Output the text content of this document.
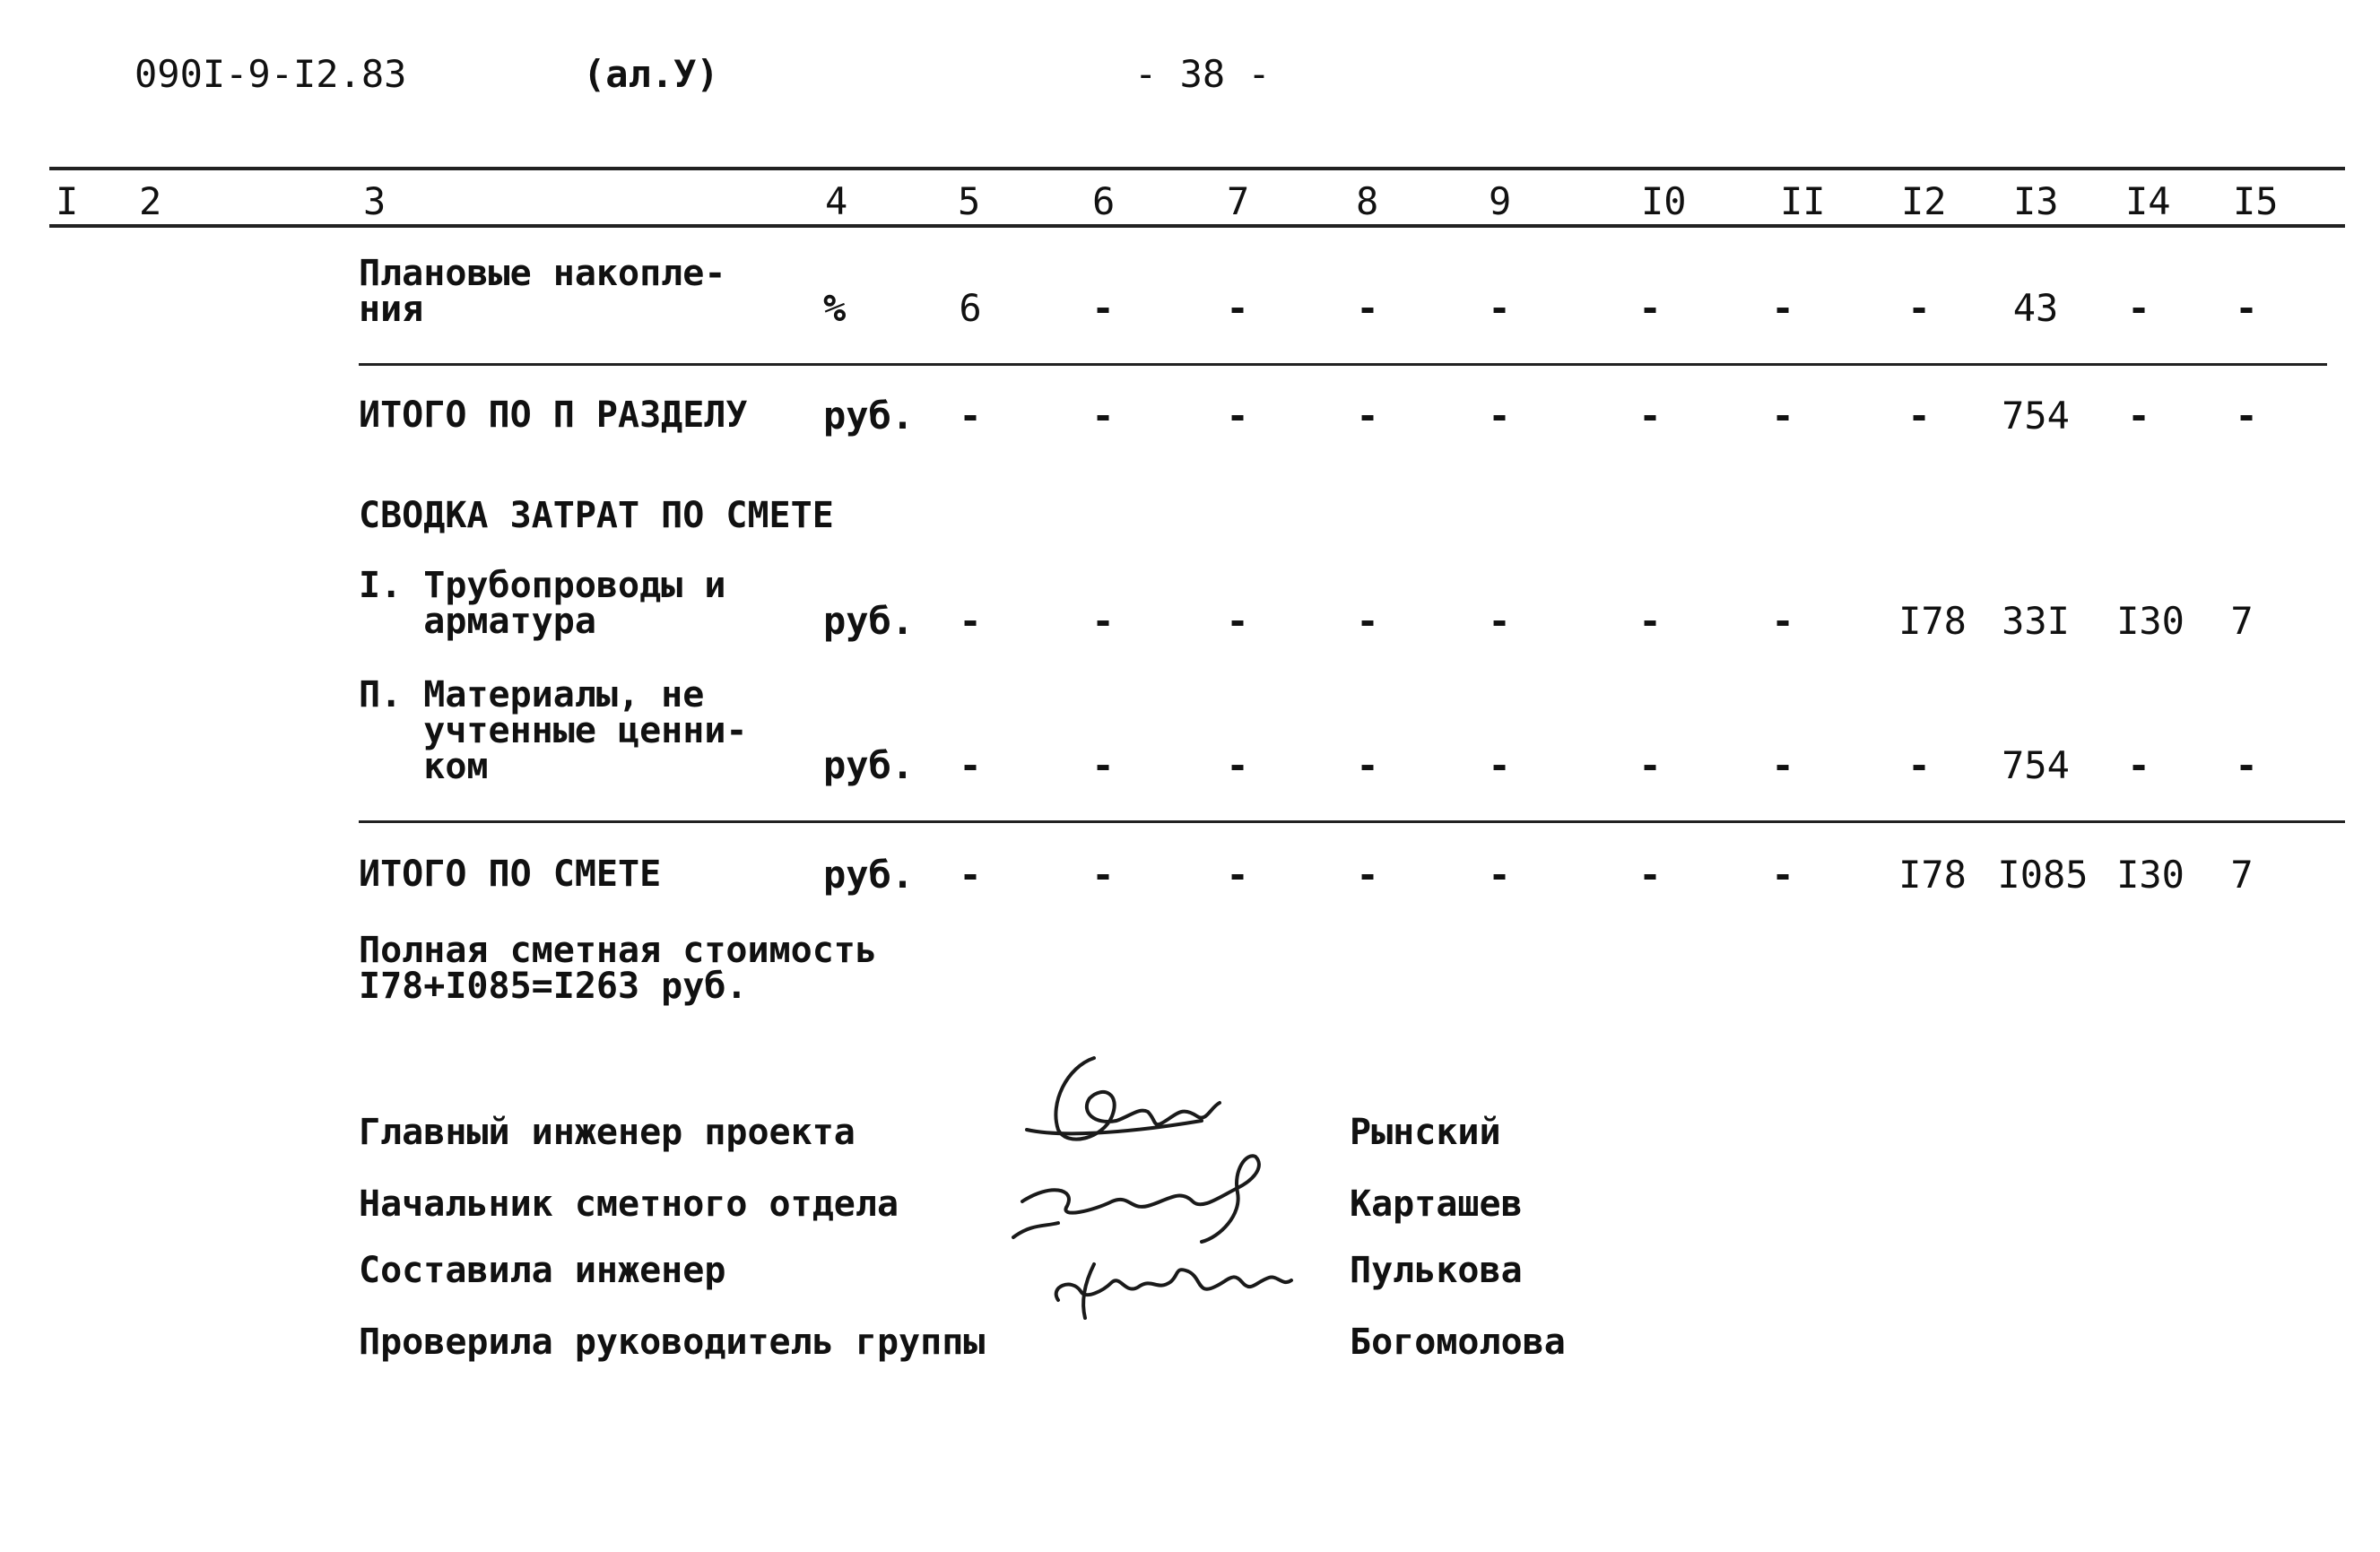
090I-9-I2.83	(ал.У)	- 38 -
I 2	3	4	5	6	7	8	9	I0 II I2 I3 I4 I5
Плановые накопле-
ния	%	6	-	-	-	-	-	-	-	43	-	-
ИТОГО ПО П РАЗДЕЛУ руб.	-	-	-	-	-	-	-	-	754	-	-
СВОДКА ЗАТРАТ ПО СМЕТЕ
I. Трубопроводы и
арматура	руб.	-	-	-	-	-	-	-	I78 33I	I30	7
П. Материалы, не
учтенные ценни-
ком	руб.	-	-	-	-	-	-	-	-	754	-	-
ИТОГО ПО СМЕТЕ	руб.	-	-	-	-	-	-	-	I78 I085 I30	7
Полная сметная стоимость
I78+I085=I263 руб.
Главный инженер проекта
Начальник сметного отдела
Составила инженер
Проверила руководитель группы
Рынский
Карташев
Пулькова
Богомолова
